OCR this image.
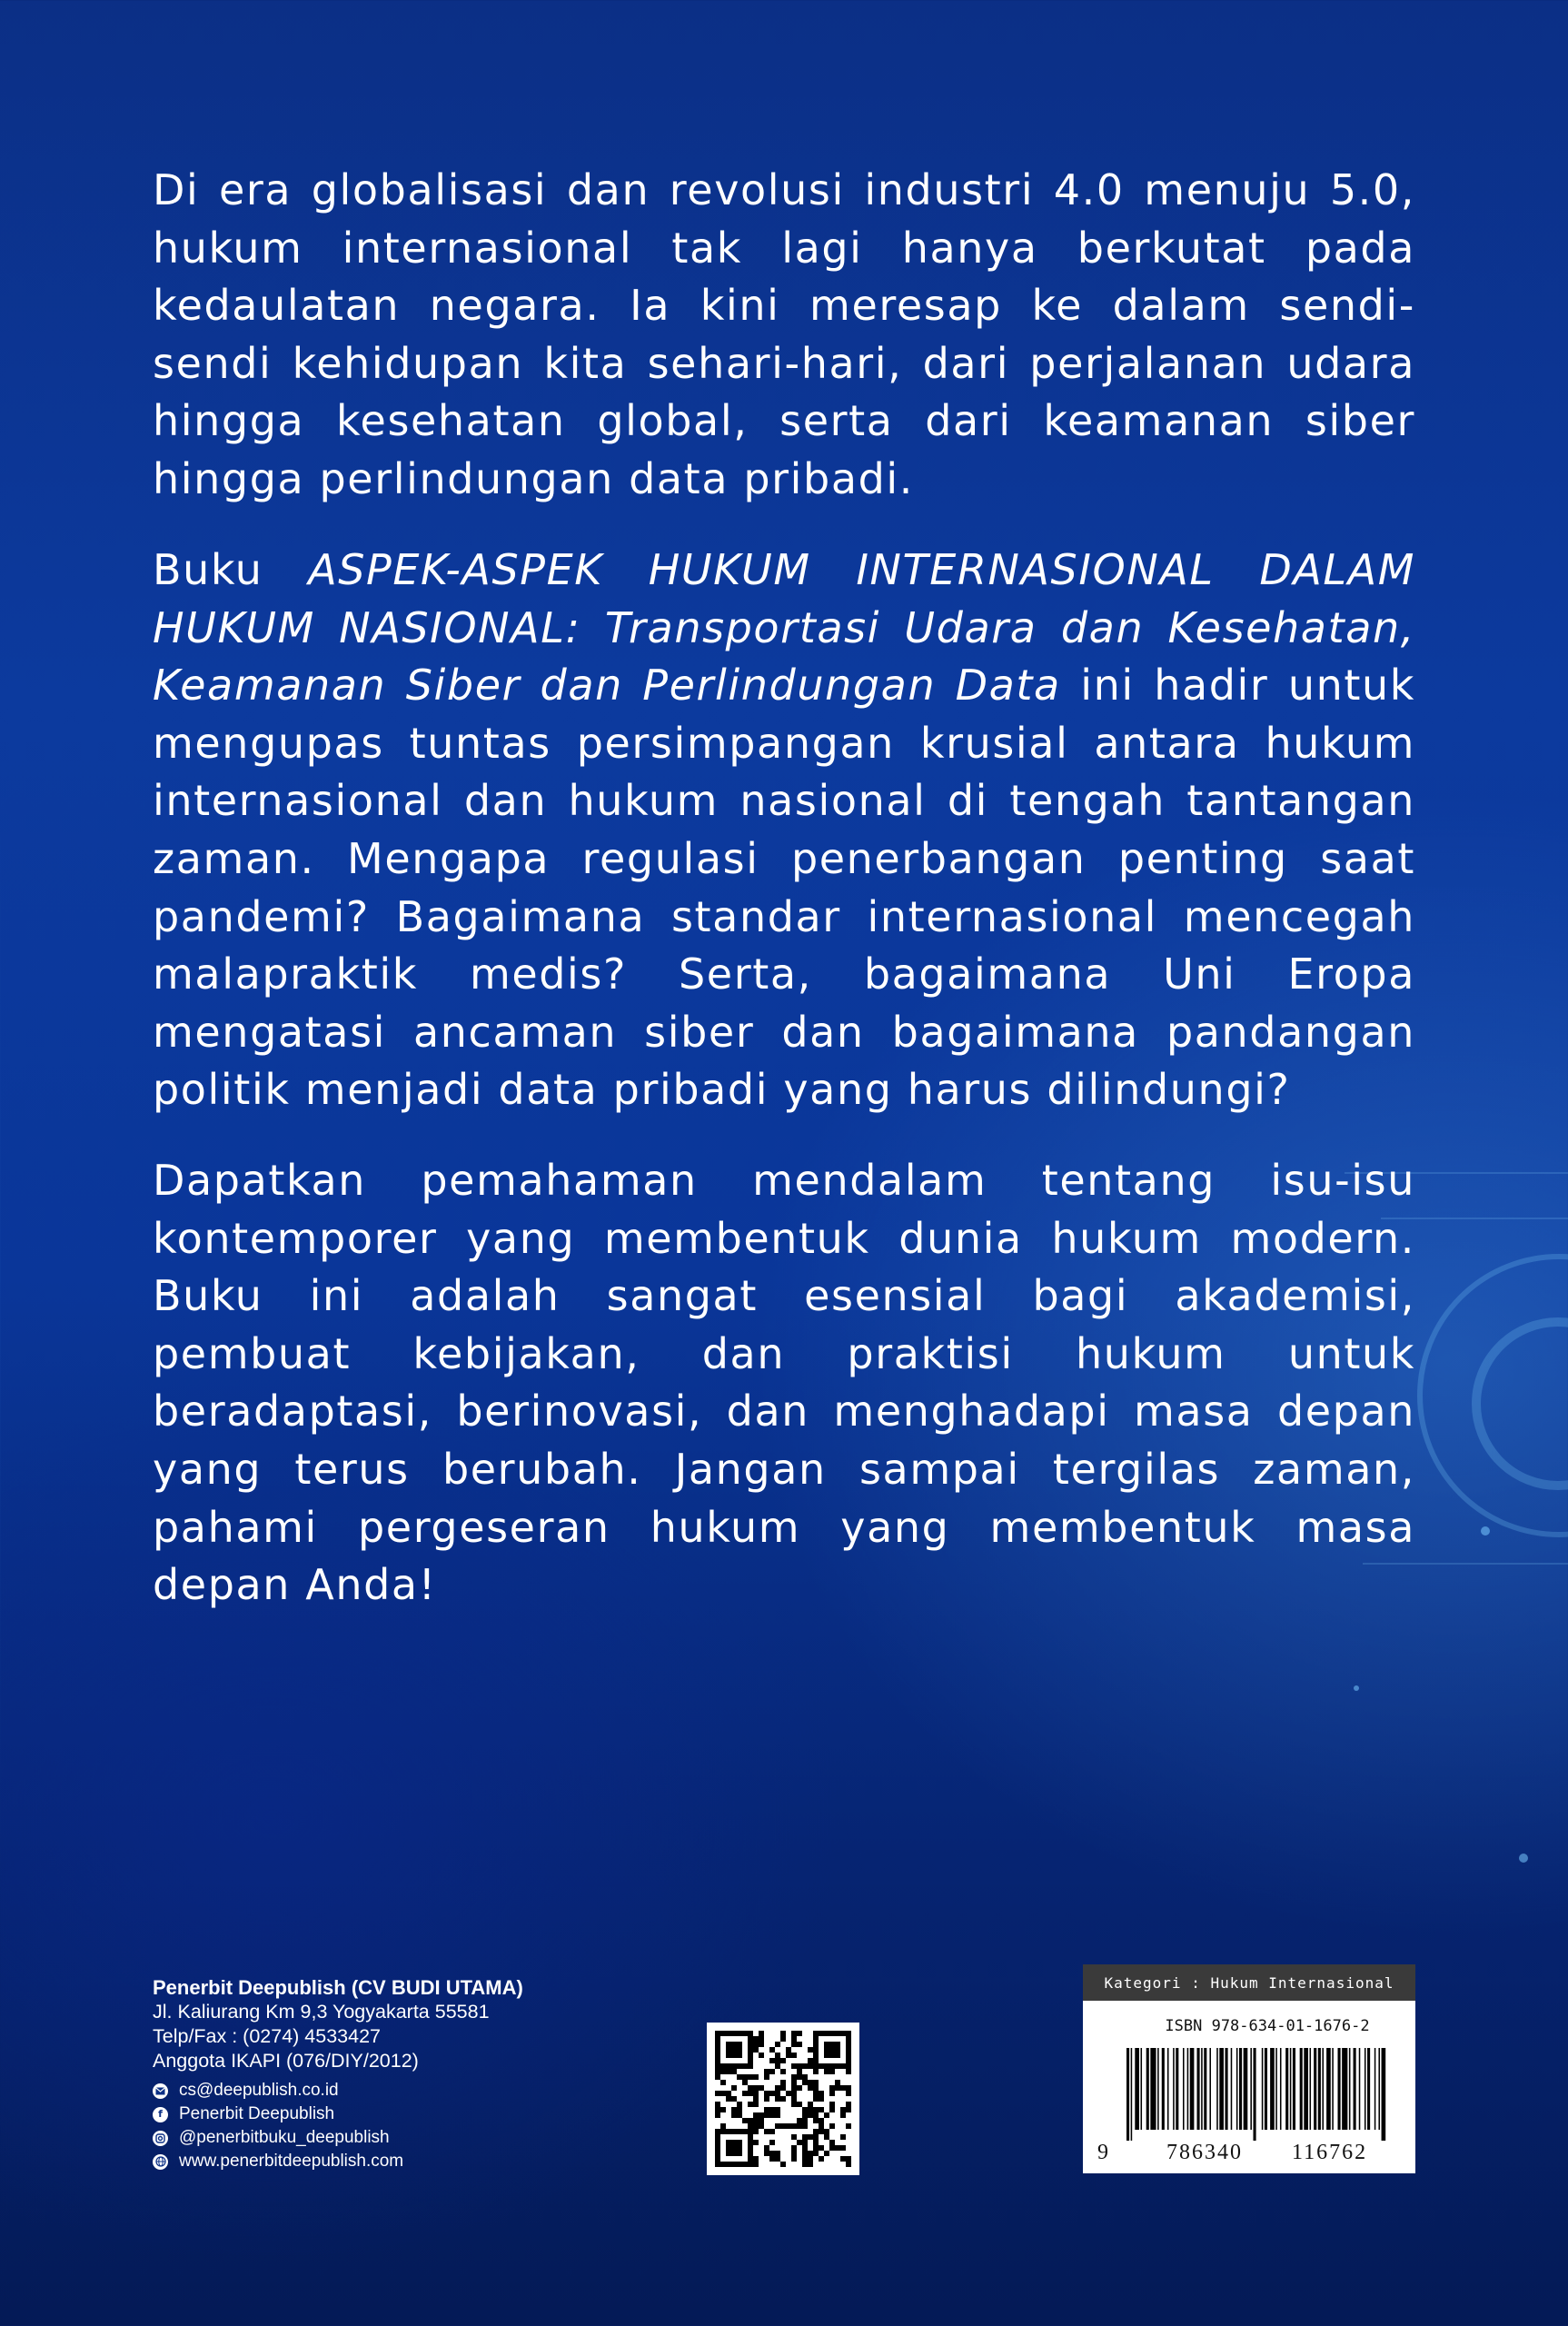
Di era globalisasi dan revolusi industri 4.0 menuju 5.0, hukum internasional tak lagi hanya berkutat pada kedaulatan negara. Ia kini meresap ke dalam sendi-sendi kehidupan kita sehari-hari, dari perjalanan udara hingga kesehatan global, serta dari keamanan siber hingga perlindungan data pribadi.

Buku ASPEK-ASPEK HUKUM INTERNASIONAL DALAM HUKUM NASIONAL: Transportasi Udara dan Kesehatan, Keamanan Siber dan Perlindungan Data ini hadir untuk mengupas tuntas persimpangan krusial antara hukum internasional dan hukum nasional di tengah tantangan zaman. Mengapa regulasi penerbangan penting saat pandemi? Bagaimana standar internasional mencegah malapraktik medis? Serta, bagaimana Uni Eropa mengatasi ancaman siber dan bagaimana pandangan politik menjadi data pribadi yang harus dilindungi?

Dapatkan pemahaman mendalam tentang isu-isu kontemporer yang membentuk dunia hukum modern. Buku ini adalah sangat esensial bagi akademisi, pembuat kebijakan, dan praktisi hukum untuk beradaptasi, berinovasi, dan menghadapi masa depan yang terus berubah. Jangan sampai tergilas zaman, pahami pergeseran hukum yang membentuk masa depan Anda!

Penerbit Deepublish (CV BUDI UTAMA)
Jl. Kaliurang Km 9,3 Yogyakarta 55581
Telp/Fax : (0274) 4533427
Anggota IKAPI (076/DIY/2012)
cs@deepublish.co.id
f Penerbit Deepublish
@penerbitbuku_deepublish
www.penerbitdeepublish.com
Kategori : Hukum Internasional
ISBN 978-634-01-1676-2
9	786340 116762
